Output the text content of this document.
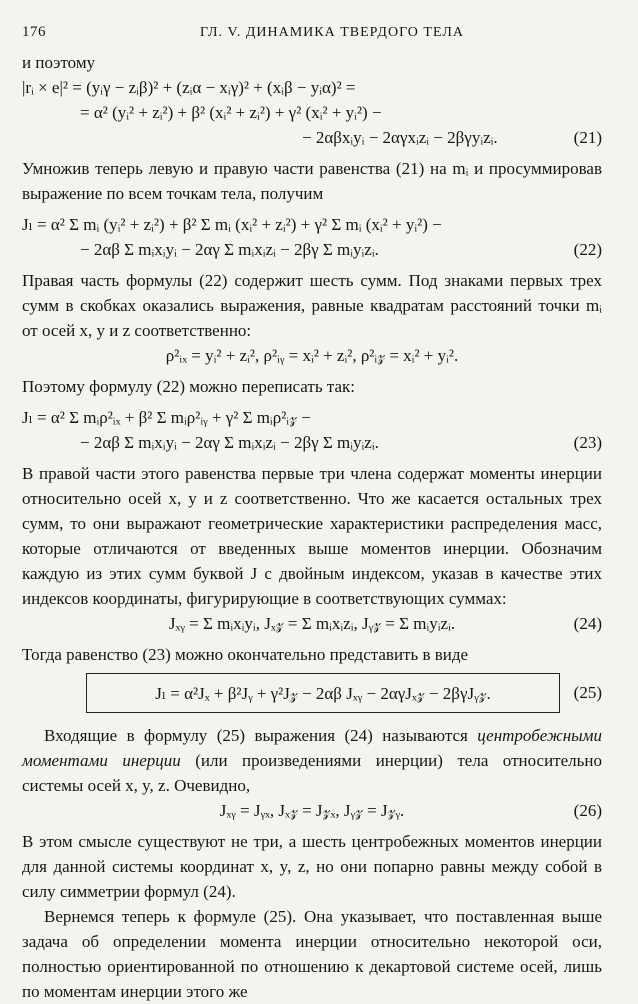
176	ГЛ. V. ДИНАМИКА ТВЕРДОГО ТЕЛА
и поэтому
|rᵢ × e|² = (yᵢγ − zᵢβ)² + (zᵢα − xᵢγ)² + (xᵢβ − yᵢα)² =
= α² (yᵢ² + zᵢ²) + β² (xᵢ² + zᵢ²) + γ² (xᵢ² + yᵢ²) −
− 2αβxᵢyᵢ − 2αγxᵢzᵢ − 2βγyᵢzᵢ.	(21)
Умножив теперь левую и правую части равенства (21) на mᵢ и просуммировав выражение по всем точкам тела, получим
Jₗ = α² Σ mᵢ (yᵢ² + zᵢ²) + β² Σ mᵢ (xᵢ² + zᵢ²) + γ² Σ mᵢ (xᵢ² + yᵢ²) −
− 2αβ Σ mᵢxᵢyᵢ − 2αγ Σ mᵢxᵢzᵢ − 2βγ Σ mᵢyᵢzᵢ.	(22)
Правая часть формулы (22) содержит шесть сумм. Под знаками первых трех сумм в скобках оказались выражения, равные квадратам расстояний точки mᵢ от осей x, y и z соответственно:
ρ²ᵢₓ = yᵢ² + zᵢ², ρ²ᵢᵧ = xᵢ² + zᵢ², ρ²ᵢ𝓏 = xᵢ² + yᵢ².
Поэтому формулу (22) можно переписать так:
Jₗ = α² Σ mᵢρ²ᵢₓ + β² Σ mᵢρ²ᵢᵧ + γ² Σ mᵢρ²ᵢ𝓏 −
− 2αβ Σ mᵢxᵢyᵢ − 2αγ Σ mᵢxᵢzᵢ − 2βγ Σ mᵢyᵢzᵢ.	(23)
В правой части этого равенства первые три члена содержат моменты инерции относительно осей x, y и z соответственно. Что же касается остальных трех сумм, то они выражают геометрические характеристики распределения масс, которые отличаются от введенных выше моментов инерции. Обозначим каждую из этих сумм буквой J с двойным индексом, указав в качестве этих индексов координаты, фигурирующие в соответствующих суммах:
Jₓᵧ = Σ mᵢxᵢyᵢ, Jₓ𝓏 = Σ mᵢxᵢzᵢ, Jᵧ𝓏 = Σ mᵢyᵢzᵢ.	(24)
Тогда равенство (23) можно окончательно представить в виде
Jₗ = α²Jₓ + β²Jᵧ + γ²J𝓏 − 2αβ Jₓᵧ − 2αγJₓ𝓏 − 2βγJᵧ𝓏.	(25)
Входящие в формулу (25) выражения (24) называются центробежными моментами инерции (или произведениями инерции) тела относительно системы осей x, y, z. Очевидно,
Jₓᵧ = Jᵧₓ, Jₓ𝓏 = J𝓏ₓ, Jᵧ𝓏 = J𝓏ᵧ.	(26)
В этом смысле существуют не три, а шесть центробежных моментов инерции для данной системы координат x, y, z, но они попарно равны между собой в силу симметрии формул (24).
Вернемся теперь к формуле (25). Она указывает, что поставленная выше задача об определении момента инерции относительно некоторой оси, полностью ориентированной по отношению к декартовой системе осей, лишь по моментам инерции этого же
